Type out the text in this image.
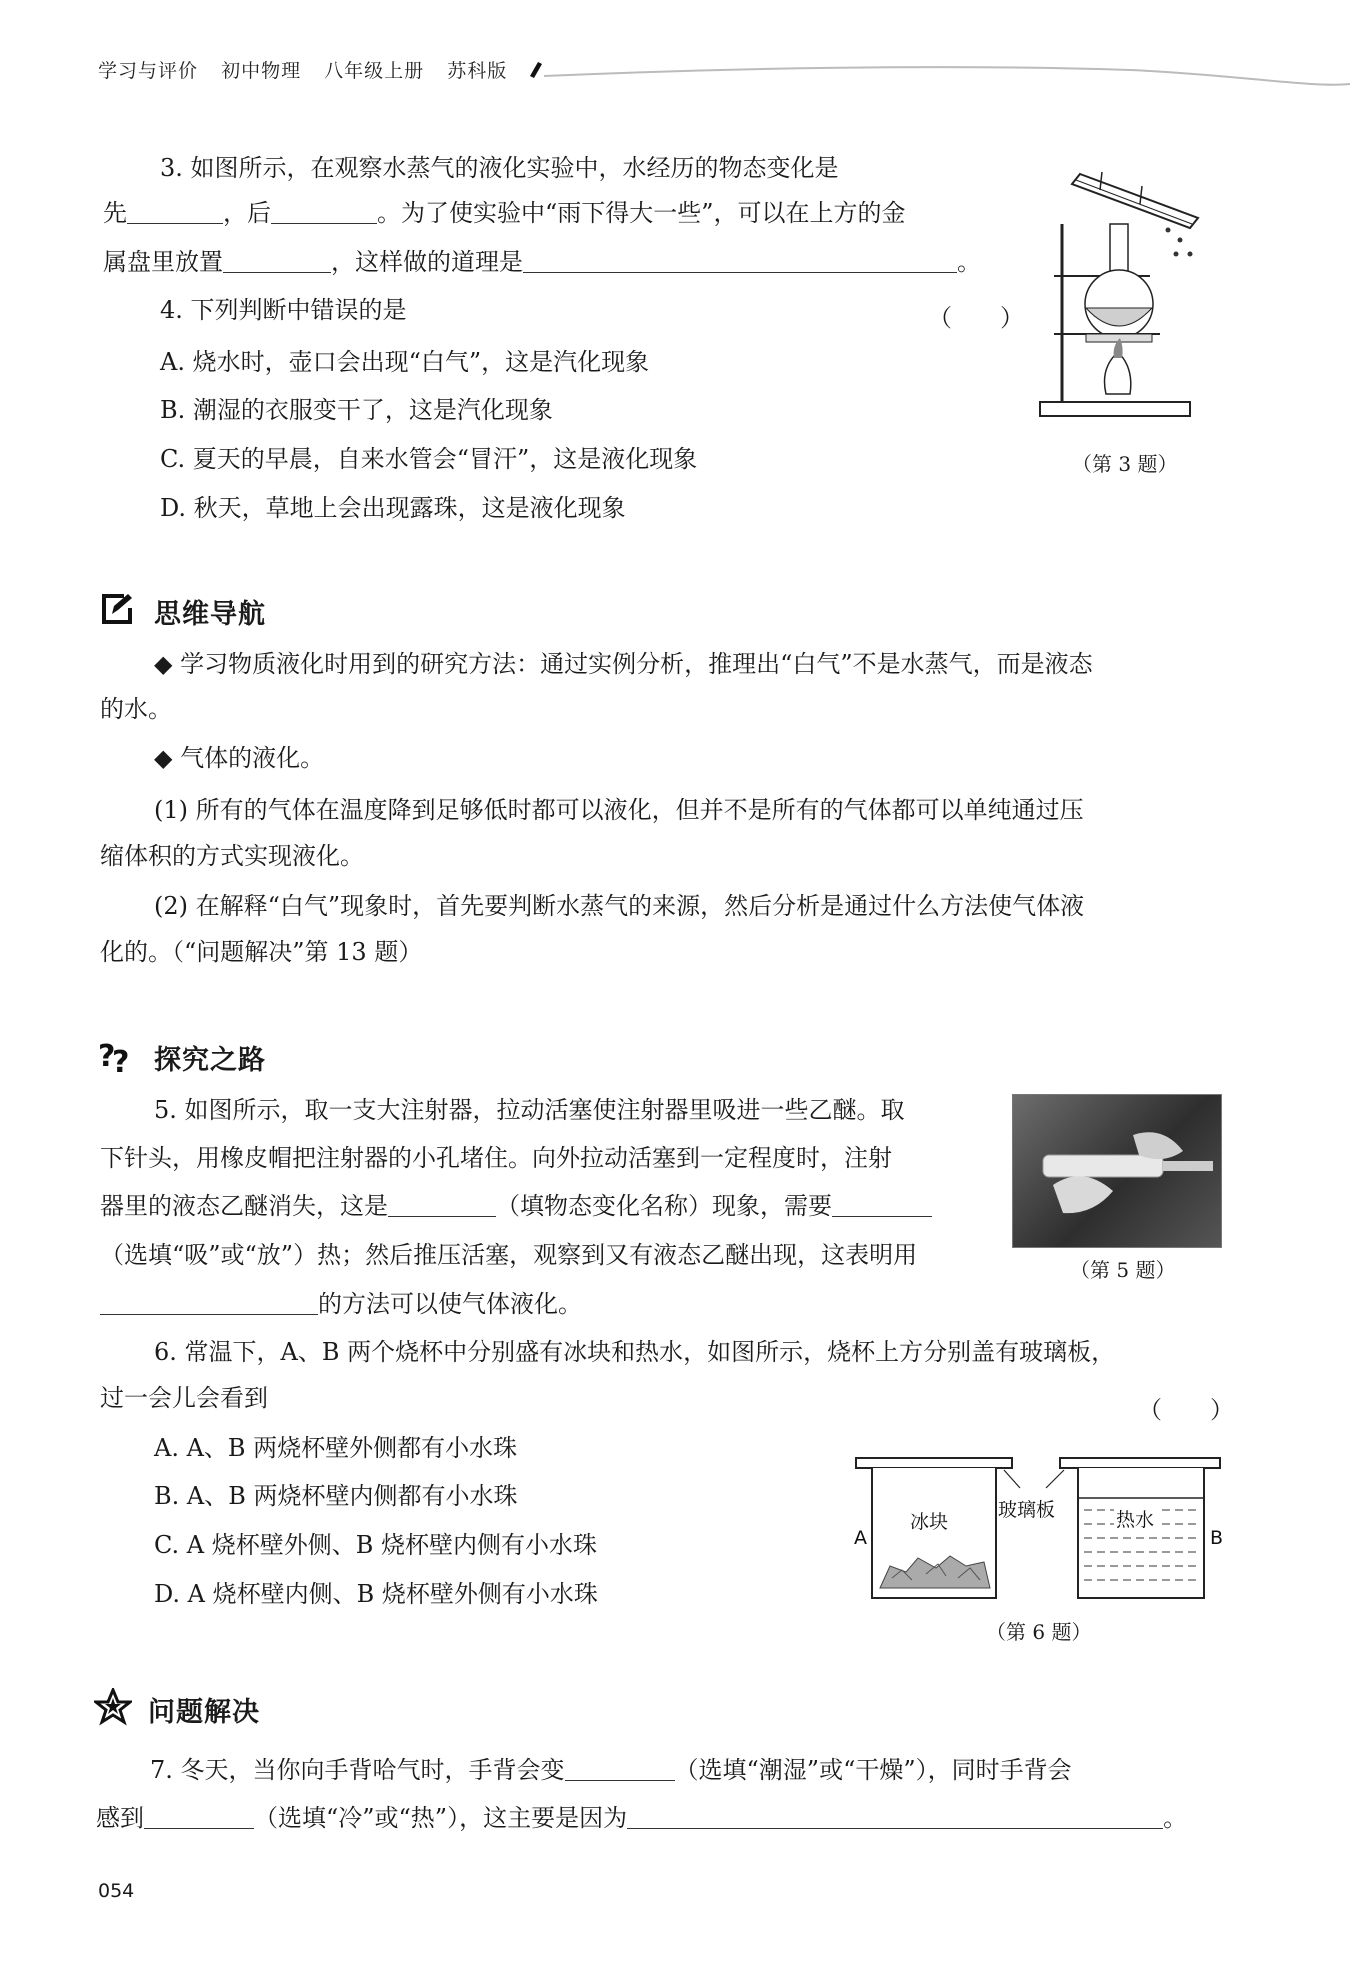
学习与评价 初中物理 八年级上册 苏科版
3. 如图所示，在观察水蒸气的液化实验中，水经历的物态变化是
先	，后	。为了使实验中“雨下得大一些”，可以在上方的金
属盘里放置	，这样做的道理是	。
（第 3 题）
4. 下列判断中错误的是	（　　）
A. 烧水时，壶口会出现“白气”，这是汽化现象
B. 潮湿的衣服变干了，这是汽化现象
C. 夏天的早晨，自来水管会“冒汗”，这是液化现象
D. 秋天，草地上会出现露珠，这是液化现象
思维导航
◆ 学习物质液化时用到的研究方法：通过实例分析，推理出“白气”不是水蒸气，而是液态
的水。
◆ 气体的液化。
(1) 所有的气体在温度降到足够低时都可以液化，但并不是所有的气体都可以单纯通过压
缩体积的方式实现液化。
(2) 在解释“白气”现象时，首先要判断水蒸气的来源，然后分析是通过什么方法使气体液
化的。（“问题解决”第 13 题）
?
? 探究之路
5. 如图所示，取一支大注射器，拉动活塞使注射器里吸进一些乙醚。取
下针头，用橡皮帽把注射器的小孔堵住。向外拉动活塞到一定程度时，注射
器里的液态乙醚消失，这是	（填物态变化名称）现象，需要
（选填“吸”或“放”）热；然后推压活塞，观察到又有液态乙醚出现，这表明用
的方法可以使气体液化。
（第 5 题）
6. 常温下，A、B 两个烧杯中分别盛有冰块和热水，如图所示，烧杯上方分别盖有玻璃板，
过一会儿会看到	（　　）
A. A、B 两烧杯壁外侧都有小水珠
B. A、B 两烧杯壁内侧都有小水珠
C. A 烧杯壁外侧、B 烧杯壁内侧有小水珠
D. A 烧杯壁内侧、B 烧杯壁外侧有小水珠
冰块
A
热水
B
玻璃板
（第 6 题）
问题解决
7. 冬天，当你向手背哈气时，手背会变	（选填“潮湿”或“干燥”），同时手背会
感到	（选填“冷”或“热”），这主要是因为	。
054
